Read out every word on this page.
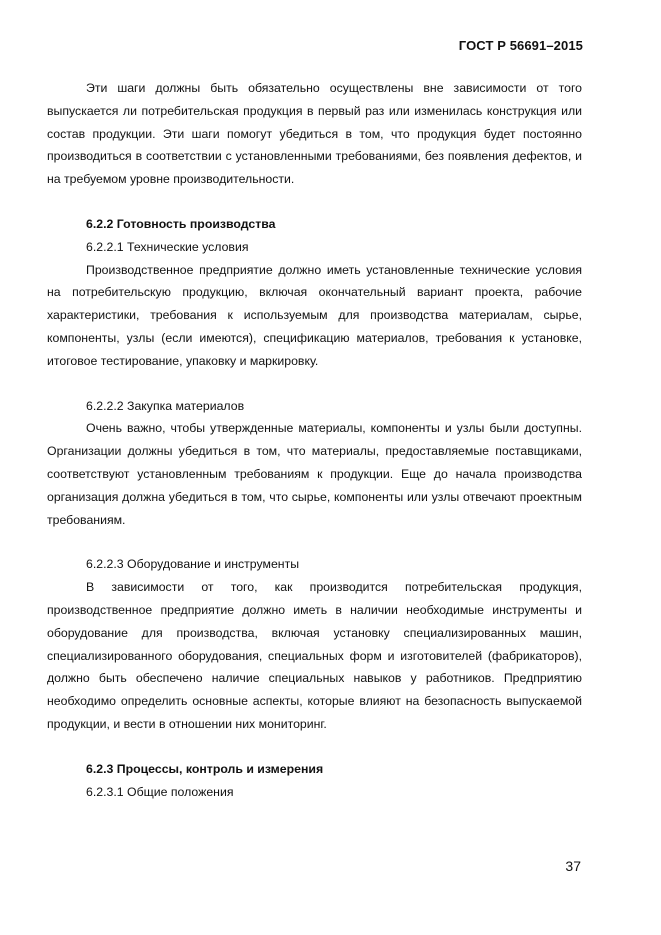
ГОСТ Р 56691–2015

Эти шаги должны быть обязательно осуществлены вне зависимости от того выпускается ли потребительская продукция в первый раз или изменилась конструкция или состав продукции. Эти шаги помогут убедиться в том, что продукция будет постоянно производиться в соответствии с установленными требованиями, без появления дефектов, и на требуемом уровне производительности.

6.2.2 Готовность производства

6.2.2.1 Технические условия

Производственное предприятие должно иметь установленные технические условия на потребительскую продукцию, включая окончательный вариант проекта, рабочие характеристики, требования к используемым для производства материалам, сырье, компоненты, узлы (если имеются), спецификацию материалов, требования к установке, итоговое тестирование, упаковку и маркировку.

6.2.2.2 Закупка материалов

Очень важно, чтобы утвержденные материалы, компоненты и узлы были доступны. Организации должны убедиться в том, что материалы, предоставляемые поставщиками, соответствуют установленным требованиям к продукции. Еще до начала производства организация должна убедиться в том, что сырье, компоненты или узлы отвечают проектным требованиям.

6.2.2.3 Оборудование и инструменты

В зависимости от того, как производится потребительская продукция, производственное предприятие должно иметь в наличии необходимые инструменты и оборудование для производства, включая установку специализированных машин, специализированного оборудования, специальных форм и изготовителей (фабрикаторов), должно быть обеспечено наличие специальных навыков у работников. Предприятию необходимо определить основные аспекты, которые влияют на безопасность выпускаемой продукции, и вести в отношении них мониторинг.

6.2.3 Процессы, контроль и измерения

6.2.3.1 Общие положения

37
